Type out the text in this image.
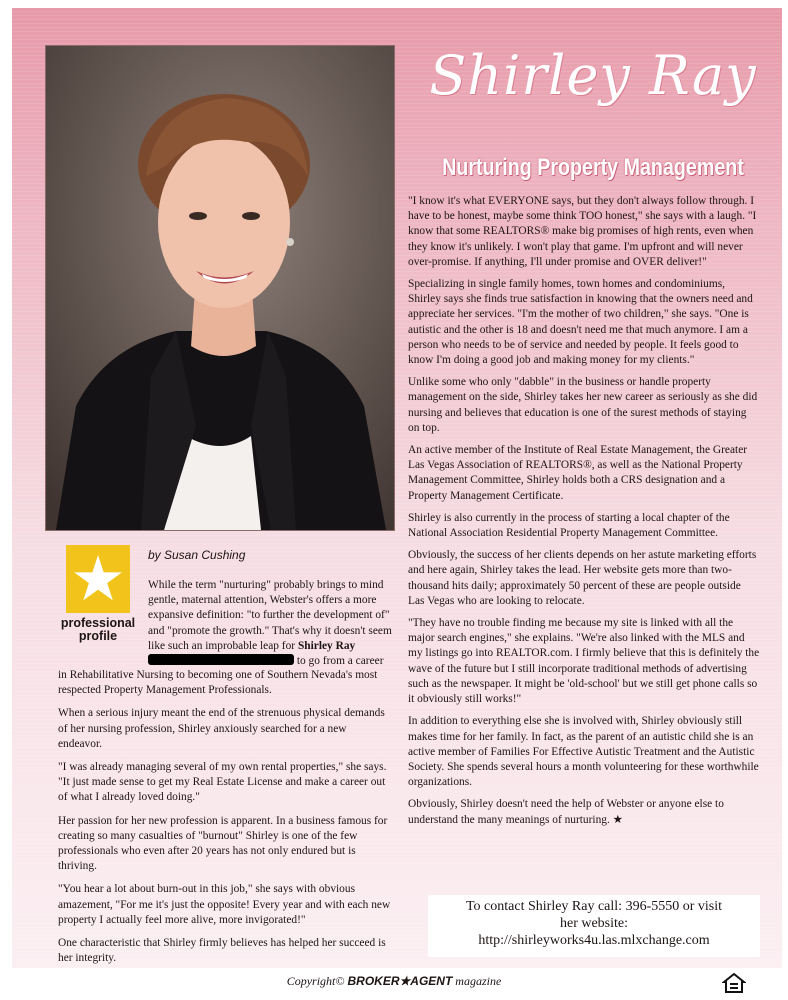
Shirley Ray
Nurturing Property Management

"I know it's what EVERYONE says, but they don't always follow through. I have to be honest, maybe some think TOO honest," she says with a laugh. "I know that some REALTORS® make big promises of high rents, even when they know it's unlikely. I won't play that game. I'm upfront and will never over-promise. If anything, I'll under promise and OVER deliver!"

Specializing in single family homes, town homes and condominiums, Shirley says she finds true satisfaction in knowing that the owners need and appreciate her services. "I'm the mother of two children," she says. "One is autistic and the other is 18 and doesn't need me that much anymore. I am a person who needs to be of service and needed by people. It feels good to know I'm doing a good job and making money for my clients."

Unlike some who only "dabble" in the business or handle property management on the side, Shirley takes her new career as seriously as she did nursing and believes that education is one of the surest methods of staying on top.

An active member of the Institute of Real Estate Management, the Greater Las Vegas Association of REALTORS®, as well as the National Property Management Committee, Shirley holds both a CRS designation and a Property Management Certificate.

Shirley is also currently in the process of starting a local chapter of the National Association Residential Property Management Committee.

Obviously, the success of her clients depends on her astute marketing efforts and here again, Shirley takes the lead. Her website gets more than two-thousand hits daily; approximately 50 percent of these are people outside Las Vegas who are looking to relocate.

"They have no trouble finding me because my site is linked with all the major search engines," she explains. "We're also linked with the MLS and my listings go into REALTOR.com. I firmly believe that this is definitely the wave of the future but I still incorporate traditional methods of advertising such as the newspaper. It might be 'old-school' but we still get phone calls so it obviously still works!"

In addition to everything else she is involved with, Shirley obviously still makes time for her family. In fact, as the parent of an autistic child she is an active member of Families For Effective Autistic Treatment and the Autistic Society. She spends several hours a month volunteering for these worthwhile organizations.

Obviously, Shirley doesn't need the help of Webster or anyone else to understand the many meanings of nurturing. ★

★
professional
profile
by Susan Cushing

While the term "nurturing" probably brings to mind gentle, maternal attention, Webster's offers a more expansive definition: "to further the development of" and "promote the growth." That's why it doesn't seem like such an improbable leap for Shirley Ray  to go from a career

in Rehabilitative Nursing to becoming one of Southern Nevada's most respected Property Management Professionals.

When a serious injury meant the end of the strenuous physical demands of her nursing profession, Shirley anxiously searched for a new endeavor.

"I was already managing several of my own rental properties," she says. "It just made sense to get my Real Estate License and make a career out of what I already loved doing."

Her passion for her new profession is apparent. In a business famous for creating so many casualties of "burnout" Shirley is one of the few professionals who even after 20 years has not only endured but is thriving.

"You hear a lot about burn-out in this job," she says with obvious amazement, "For me it's just the opposite! Every year and with each new property I actually feel more alive, more invigorated!"

One characteristic that Shirley firmly believes has helped her succeed is her integrity.

To contact Shirley Ray call: 396-5550 or visit
her website:
http://shirleyworks4u.las.mlxchange.com
Copyright© BROKER★AGENT magazine
